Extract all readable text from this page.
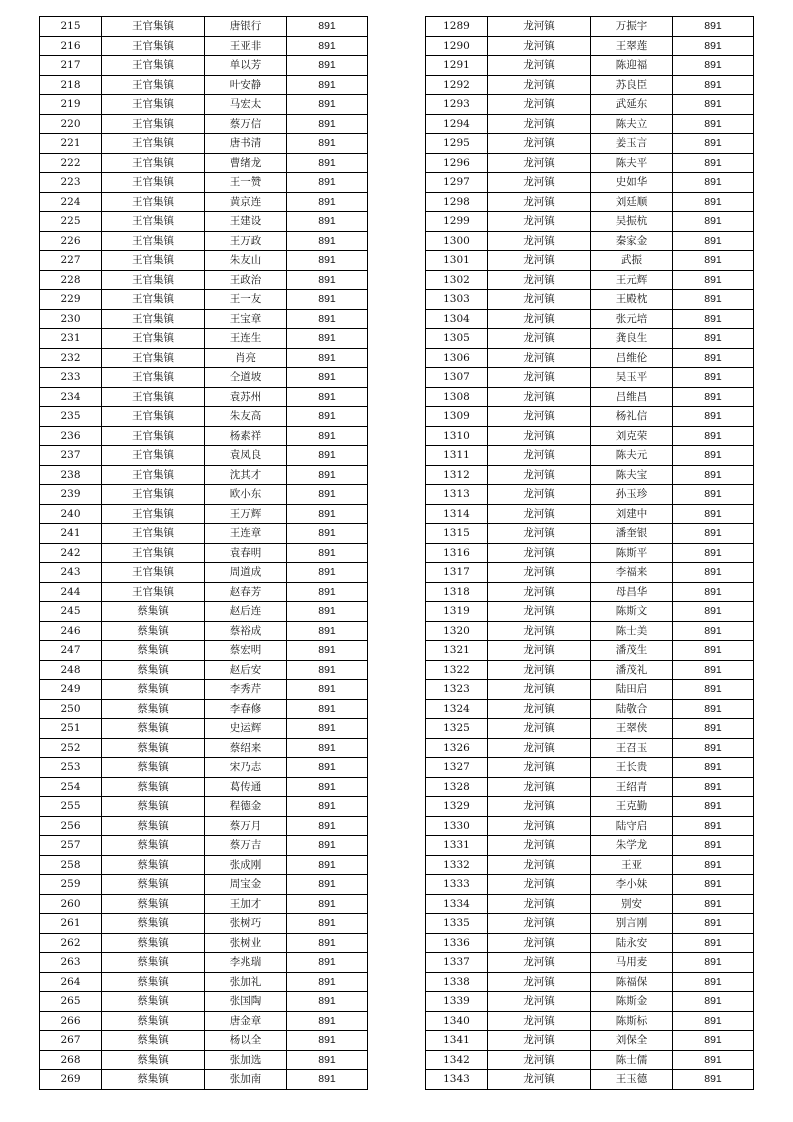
215	王官集镇	唐银行	891
216	王官集镇	王亚非	891
217	王官集镇	单以芳	891
218	王官集镇	叶安静	891
219	王官集镇	马宏太	891
220	王官集镇	蔡万信	891
221	王官集镇	唐书清	891
222	王官集镇	曹绪龙	891
223	王官集镇	王一赞	891
224	王官集镇	黄京连	891
225	王官集镇	王建设	891
226	王官集镇	王万政	891
227	王官集镇	朱友山	891
228	王官集镇	王政治	891
229	王官集镇	王一友	891
230	王官集镇	王宝章	891
231	王官集镇	王连生	891
232	王官集镇	肖亮	891
233	王官集镇	仝道坡	891
234	王官集镇	袁苏州	891
235	王官集镇	朱友高	891
236	王官集镇	杨素祥	891
237	王官集镇	袁凤良	891
238	王官集镇	沈其才	891
239	王官集镇	欧小东	891
240	王官集镇	王万辉	891
241	王官集镇	王连章	891
242	王官集镇	袁春明	891
243	王官集镇	周道成	891
244	王官集镇	赵春芳	891
245	蔡集镇	赵后连	891
246	蔡集镇	蔡裕成	891
247	蔡集镇	蔡宏明	891
248	蔡集镇	赵后安	891
249	蔡集镇	李秀芹	891
250	蔡集镇	李春修	891
251	蔡集镇	史运辉	891
252	蔡集镇	蔡绍来	891
253	蔡集镇	宋乃志	891
254	蔡集镇	葛传通	891
255	蔡集镇	程德金	891
256	蔡集镇	蔡万月	891
257	蔡集镇	蔡万吉	891
258	蔡集镇	张成刚	891
259	蔡集镇	周宝金	891
260	蔡集镇	王加才	891
261	蔡集镇	张树巧	891
262	蔡集镇	张树业	891
263	蔡集镇	李兆瑞	891
264	蔡集镇	张加礼	891
265	蔡集镇	张国陶	891
266	蔡集镇	唐金章	891
267	蔡集镇	杨以全	891
268	蔡集镇	张加选	891
269	蔡集镇	张加南	891
1289	龙河镇	万振宇	891
1290	龙河镇	王翠莲	891
1291	龙河镇	陈迎福	891
1292	龙河镇	苏良臣	891
1293	龙河镇	武延东	891
1294	龙河镇	陈夫立	891
1295	龙河镇	姜玉言	891
1296	龙河镇	陈夫平	891
1297	龙河镇	史如华	891
1298	龙河镇	刘廷顺	891
1299	龙河镇	吴振杭	891
1300	龙河镇	秦家金	891
1301	龙河镇	武振	891
1302	龙河镇	王元辉	891
1303	龙河镇	王殿枕	891
1304	龙河镇	张元培	891
1305	龙河镇	龚良生	891
1306	龙河镇	吕维伦	891
1307	龙河镇	吴玉平	891
1308	龙河镇	吕维昌	891
1309	龙河镇	杨礼信	891
1310	龙河镇	刘克荣	891
1311	龙河镇	陈夫元	891
1312	龙河镇	陈夫宝	891
1313	龙河镇	孙玉珍	891
1314	龙河镇	刘建中	891
1315	龙河镇	潘奎银	891
1316	龙河镇	陈斯平	891
1317	龙河镇	李福来	891
1318	龙河镇	母昌华	891
1319	龙河镇	陈斯文	891
1320	龙河镇	陈士美	891
1321	龙河镇	潘茂生	891
1322	龙河镇	潘茂礼	891
1323	龙河镇	陆田启	891
1324	龙河镇	陆敬合	891
1325	龙河镇	王翠侠	891
1326	龙河镇	王召玉	891
1327	龙河镇	王长贵	891
1328	龙河镇	王绍青	891
1329	龙河镇	王克勤	891
1330	龙河镇	陆守启	891
1331	龙河镇	朱学龙	891
1332	龙河镇	王亚	891
1333	龙河镇	李小妹	891
1334	龙河镇	别安	891
1335	龙河镇	别言刚	891
1336	龙河镇	陆永安	891
1337	龙河镇	马用麦	891
1338	龙河镇	陈福保	891
1339	龙河镇	陈斯金	891
1340	龙河镇	陈斯标	891
1341	龙河镇	刘保全	891
1342	龙河镇	陈士儒	891
1343	龙河镇	王玉德	891
